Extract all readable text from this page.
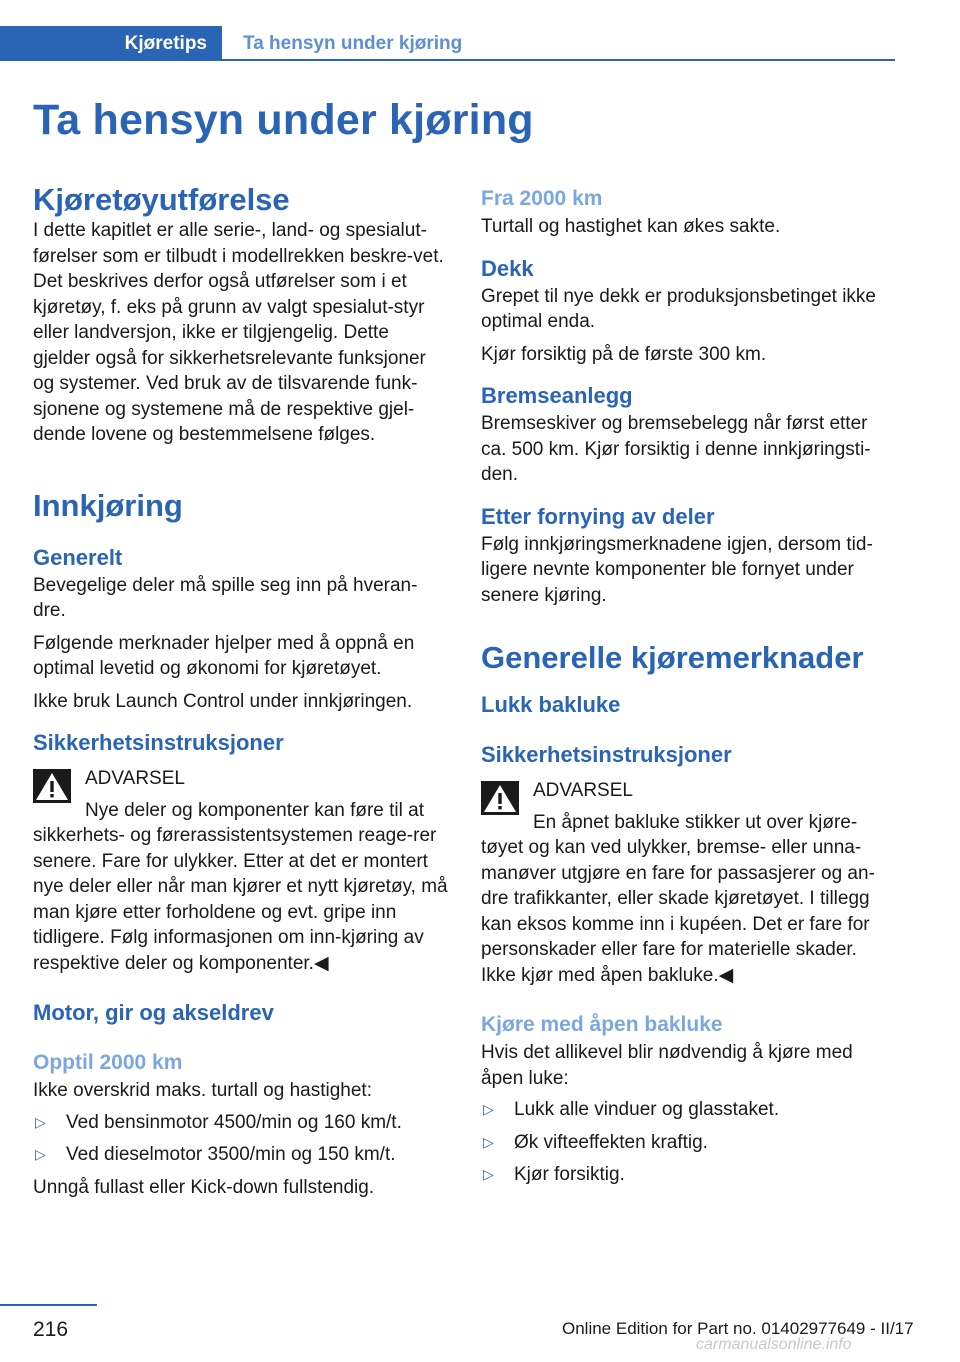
Kjøretips	Ta hensyn under kjøring
Ta hensyn under kjøring
Kjøretøyutførelse

I dette kapitlet er alle serie-, land- og spesialut-førelser som er tilbudt i modellrekken beskre-vet. Det beskrives derfor også utførelser som i et kjøretøy, f. eks på grunn av valgt spesialut-styr eller landversjon, ikke er tilgjengelig. Dette gjelder også for sikkerhetsrelevante funksjoner og systemer. Ved bruk av de tilsvarende funk-sjonene og systemene må de respektive gjel-dende lovene og bestemmelsene følges.

Innkjøring
Generelt

Bevegelige deler må spille seg inn på hveran-dre.

Følgende merknader hjelper med å oppnå en optimal levetid og økonomi for kjøretøyet.

Ikke bruk Launch Control under innkjøringen.

Sikkerhetsinstruksjoner
ADVARSEL

Nye deler og komponenter kan føre til at

sikkerhets- og førerassistentsystemen reage-rer senere. Fare for ulykker. Etter at det er montert nye deler eller når man kjører et nytt kjøretøy, må man kjøre etter forholdene og evt. gripe inn tidligere. Følg informasjonen om inn-kjøring av respektive deler og komponenter.◀

Motor, gir og akseldrev
Opptil 2000 km

Ikke overskrid maks. turtall og hastighet:

▷ Ved bensinmotor 4500/min og 160 km/t.
▷ Ved dieselmotor 3500/min og 150 km/t.

Unngå fullast eller Kick-down fullstendig.

Fra 2000 km

Turtall og hastighet kan økes sakte.

Dekk

Grepet til nye dekk er produksjonsbetinget ikke optimal enda.

Kjør forsiktig på de første 300 km.

Bremseanlegg

Bremseskiver og bremsebelegg når først etter ca. 500 km. Kjør forsiktig i denne innkjøringsti-den.

Etter fornying av deler

Følg innkjøringsmerknadene igjen, dersom tid-ligere nevnte komponenter ble fornyet under senere kjøring.

Generelle kjøremerknader
Lukk bakluke
Sikkerhetsinstruksjoner
ADVARSEL

En åpnet bakluke stikker ut over kjøre-

tøyet og kan ved ulykker, bremse- eller unna-manøver utgjøre en fare for passasjerer og an-dre trafikkanter, eller skade kjøretøyet. I tillegg kan eksos komme inn i kupéen. Det er fare for personskader eller fare for materielle skader. Ikke kjør med åpen bakluke.◀

Kjøre med åpen bakluke

Hvis det allikevel blir nødvendig å kjøre med åpen luke:

▷ Lukk alle vinduer og glasstaket.
▷ Øk vifteeffekten kraftig.
▷ Kjør forsiktig.
216	Online Edition for Part no. 01402977649 - II/17
carmanualsonline.info
